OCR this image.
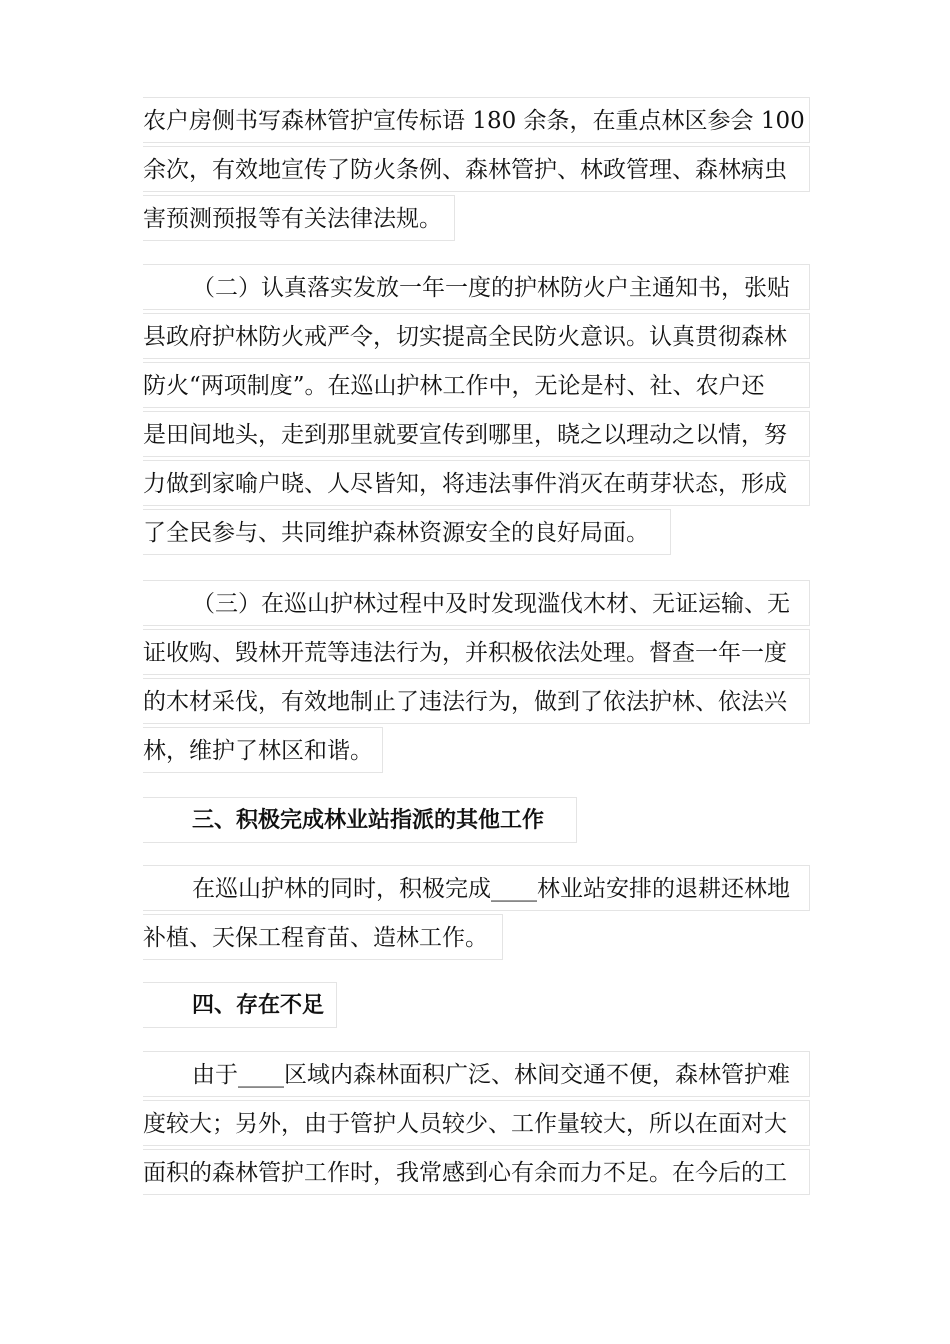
农户房侧书写森林管护宣传标语 180 余条，在重点林区参会 100
余次，有效地宣传了防火条例、森林管护、林政管理、森林病虫
害预测预报等有关法律法规。
（二）认真落实发放一年一度的护林防火户主通知书，张贴
县政府护林防火戒严令，切实提高全民防火意识。认真贯彻森林
防火“两项制度”。在巡山护林工作中，无论是村、社、农户还
是田间地头，走到那里就要宣传到哪里，晓之以理动之以情，努
力做到家喻户晓、人尽皆知，将违法事件消灭在萌芽状态，形成
了全民参与、共同维护森林资源安全的良好局面。
（三）在巡山护林过程中及时发现滥伐木材、无证运输、无
证收购、毁林开荒等违法行为，并积极依法处理。督查一年一度
的木材采伐，有效地制止了违法行为，做到了依法护林、依法兴
林，维护了林区和谐。
三、积极完成林业站指派的其他工作
在巡山护林的同时，积极完成____林业站安排的退耕还林地
补植、天保工程育苗、造林工作。
四、存在不足
由于____区域内森林面积广泛、林间交通不便，森林管护难
度较大；另外，由于管护人员较少、工作量较大，所以在面对大
面积的森林管护工作时，我常感到心有余而力不足。在今后的工
